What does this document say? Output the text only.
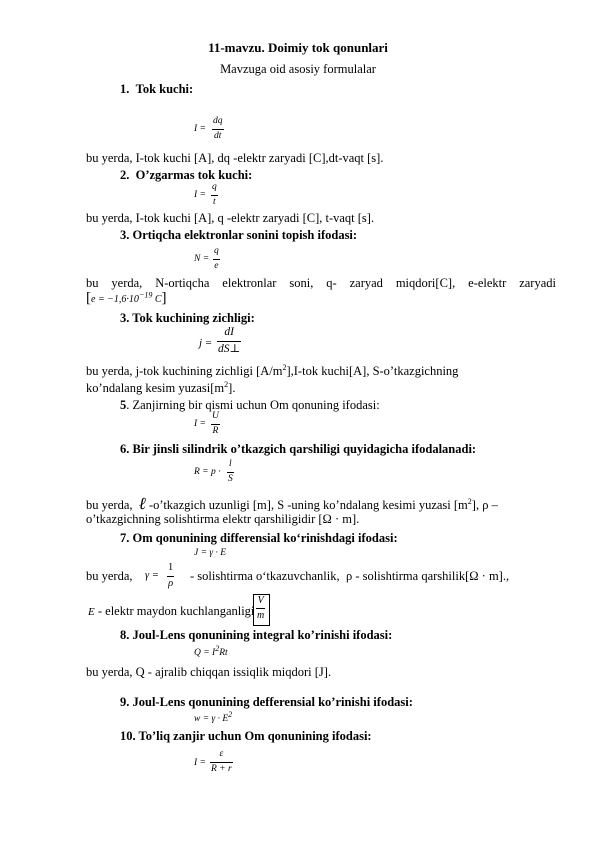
11-mavzu. Doimiy tok qonunlari
Mavzuga oid asosiy formulalar
1. Tok kuchi:
I =
dq
dt
bu yerda, I-tok kuchi [A], dq -elektr zaryadi [C],dt-vaqt [s].
2. O’zgarmas tok kuchi:
I =
q
t
bu yerda, I-tok kuchi [A], q -elektr zaryadi [C], t-vaqt [s].
3. Ortiqcha elektronlar sonini topish ifodasi:
N =
q
e
bu yerda, N-ortiqcha elektronlar soni, q- zaryad miqdori[C], e-elektr zaryadi
[$e = -1,6\cdot 10^{-19}$ C]
3. Tok kuchining zichligi:
j =
dI
dS⊥
bu yerda, j-tok kuchining zichligi $[A/m^2],I$-tok kuchi[A], S-o’tkazgichning
ko’ndalang kesim $yuzasi[m^2]$.
5. Zanjirning bir qismi uchun Om qonuning ifodasi:
I =
U
R
6. Bir jinsli silindrik o’tkazgich qarshiligi quyidagicha ifodalanadi:
R = p ·
l
S
bu yerda, ℓ -o’tkazgich uzunligi [m], S -uning ko’ndalang kesimi yuzasi $[m^2]$, ρ –
o’tkazgichning solishtirma elektr qarshiligidir [Ω · m].
7. Om qonunining differensial ko‘rinishdagi ifodasi:
J = γ · E
bu yerda, γ =
1
ρ - solishtirma o‘tkazuvchanlik, ρ - solishtirma qarshilik[Ω · m].,
E - elektr maydon kuchlanganligi
V
m
8. Joul-Lens qonunining integral ko’rinishi ifodasi:
$Q = I^2Rt$
bu yerda, Q - ajralib chiqqan issiqlik miqdori [J].
9. Joul-Lens qonunining defferensial ko’rinishi ifodasi:
$w = \gamma \cdot E^2$
10. To’liq zanjir uchun Om qonunining ifodasi:
I =
ε
R + r
